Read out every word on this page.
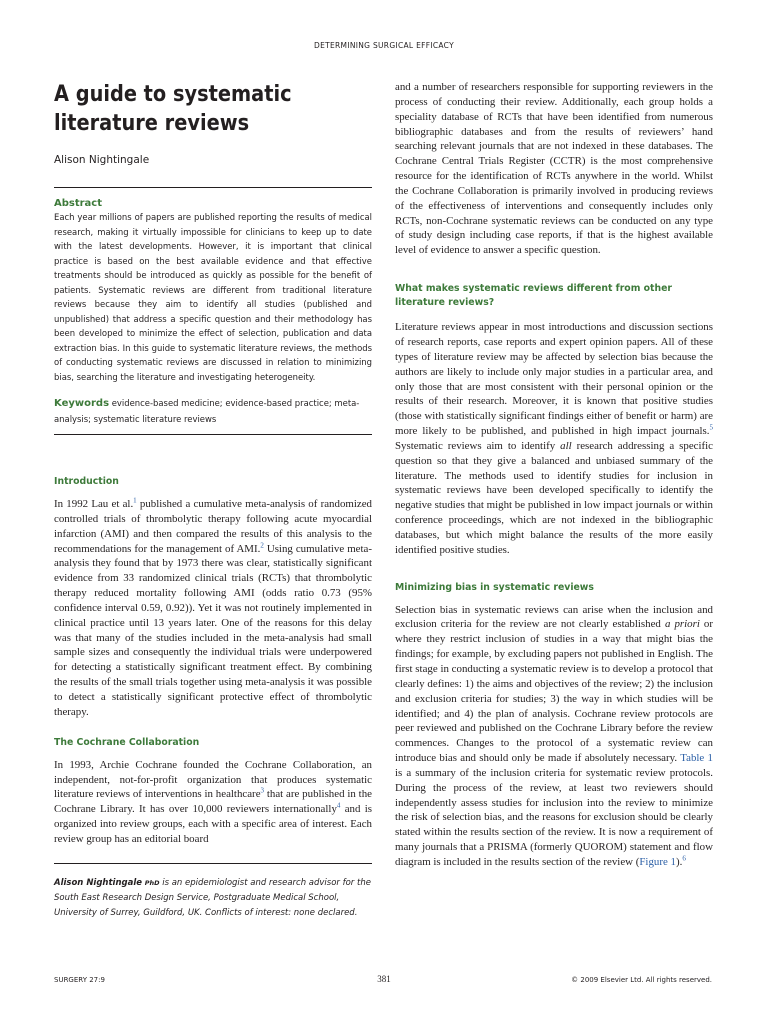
DETERMINING SURGICAL EFFICACY
A guide to systematic
literature reviews
Alison Nightingale
Abstract

Each year millions of papers are published reporting the results of medical research, making it virtually impossible for clinicians to keep up to date with the latest developments. However, it is important that clinical practice is based on the best available evidence and that effective treatments should be introduced as quickly as possible for the benefit of patients. Systematic reviews are different from traditional literature reviews because they aim to identify all studies (published and unpublished) that address a specific question and their methodology has been developed to minimize the effect of selection, publication and data extraction bias. In this guide to systematic literature reviews, the methods of conducting systematic reviews are discussed in relation to minimizing bias, searching the literature and investigating heterogeneity.

Keywords evidence-based medicine; evidence-based practice; meta-analysis; systematic literature reviews
Introduction

In 1992 Lau et al.$^1$ published a cumulative meta-analysis of randomized controlled trials of thrombolytic therapy following acute myocardial infarction (AMI) and then compared the results of this analysis to the recommendations for the management of AMI.$^2$ Using cumulative meta-analysis they found that by 1973 there was clear, statistically significant evidence from 33 randomized clinical trials (RCTs) that thrombolytic therapy reduced mortality following AMI (odds ratio 0.73 (95% confidence interval 0.59, 0.92)). Yet it was not routinely implemented in clinical practice until 13 years later. One of the reasons for this delay was that many of the studies included in the meta-analysis had small sample sizes and consequently the individual trials were underpowered for detecting a statistically significant treatment effect. By combining the results of the small trials together using meta-analysis it was possible to detect a statistically significant protective effect of thrombolytic therapy.

The Cochrane Collaboration

In 1993, Archie Cochrane founded the Cochrane Collaboration, an independent, not-for-profit organization that produces systematic literature reviews of interventions in healthcare$^3$ that are published in the Cochrane Library. It has over 10,000 reviewers internationally$^4$ and is organized into review groups, each with a specific area of interest. Each review group has an editorial board

Alison Nightingale PhD is an epidemiologist and research advisor for the South East Research Design Service, Postgraduate Medical School, University of Surrey, Guildford, UK. Conflicts of interest: none declared.

and a number of researchers responsible for supporting reviewers in the process of conducting their review. Additionally, each group holds a speciality database of RCTs that have been identified from numerous bibliographic databases and from the results of reviewers’ hand searching relevant journals that are not indexed in these databases. The Cochrane Central Trials Register (CCTR) is the most comprehensive resource for the identification of RCTs anywhere in the world. Whilst the Cochrane Collaboration is primarily involved in producing reviews of the effectiveness of interventions and consequently includes only RCTs, non-Cochrane systematic reviews can be conducted on any type of study design including case reports, if that is the highest available level of evidence to answer a specific question.

What makes systematic reviews different from other literature reviews?

Literature reviews appear in most introductions and discussion sections of research reports, case reports and expert opinion papers. All of these types of literature review may be affected by selection bias because the authors are likely to include only major studies in a particular area, and only those that are most consistent with their personal opinion or the results of their research. Moreover, it is known that positive studies (those with statistically significant findings either of benefit or harm) are more likely to be published, and published in high impact journals.$^5$ Systematic reviews aim to identify all research addressing a specific question so that they give a balanced and unbiased summary of the literature. The methods used to identify studies for inclusion in systematic reviews have been developed specifically to identify the negative studies that might be published in low impact journals or within conference proceedings, which are not indexed in the bibliographic databases, but which might balance the results of the more easily identified positive studies.

Minimizing bias in systematic reviews

Selection bias in systematic reviews can arise when the inclusion and exclusion criteria for the review are not clearly established a priori or where they restrict inclusion of studies in a way that might bias the findings; for example, by excluding papers not published in English. The first stage in conducting a systematic review is to develop a protocol that clearly defines: 1) the aims and objectives of the review; 2) the inclusion and exclusion criteria for studies; 3) the way in which studies will be identified; and 4) the plan of analysis. Cochrane review protocols are peer reviewed and published on the Cochrane Library before the review commences. Changes to the protocol of a systematic review can introduce bias and should only be made if absolutely necessary. Table 1 is a summary of the inclusion criteria for systematic review protocols. During the process of the review, at least two reviewers should independently assess studies for inclusion into the review to minimize the risk of selection bias, and the reasons for exclusion should be clearly stated within the results section of the review. It is now a requirement of many journals that a PRISMA (formerly QUOROM) statement and flow diagram is included in the results section of the review (Figure 1).$^6$

SURGERY 27:9	381	© 2009 Elsevier Ltd. All rights reserved.
